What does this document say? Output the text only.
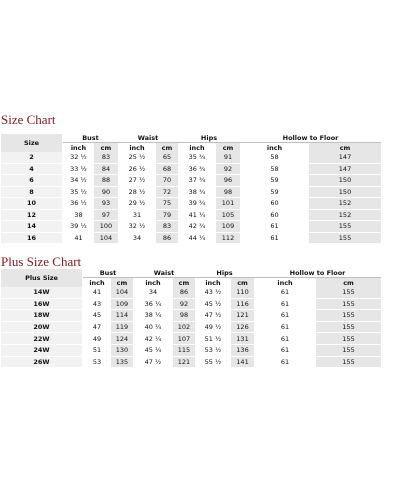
Size Chart
Size	Bust		Waist		Hips		Hollow to Floor	
	inch	cm	inch	cm	inch	cm	inch	cm
2	32 ½	83	25 ½	65	35 ¾	91	58	147
4	33 ½	84	26 ½	68	36 ¾	92	58	147
6	34 ½	88	27 ½	70	37 ¾	96	59	150
8	35 ½	90	28 ½	72	38 ¾	98	59	150
10	36 ½	93	29 ½	75	39 ¾	101	60	152
12	38	97	31	79	41 ¼	105	60	152
14	39 ½	100	32 ½	83	42 ¾	109	61	155
16	41	104	34	86	44 ¼	112	61	155
Plus Size Chart
Plus Size	Bust		Waist		Hips		Hollow to Floor	
	inch	cm	inch	cm	inch	cm	inch	cm
14W	41	104	34	86	43 ½	110	61	155
16W	43	109	36 ¼	92	45 ½	116	61	155
18W	45	114	38 ¼	98	47 ½	121	61	155
20W	47	119	40 ¼	102	49 ½	126	61	155
22W	49	124	42 ¼	107	51 ½	131	61	155
24W	51	130	45 ¼	115	53 ½	136	61	155
26W	53	135	47 ½	121	55 ½	141	61	155
